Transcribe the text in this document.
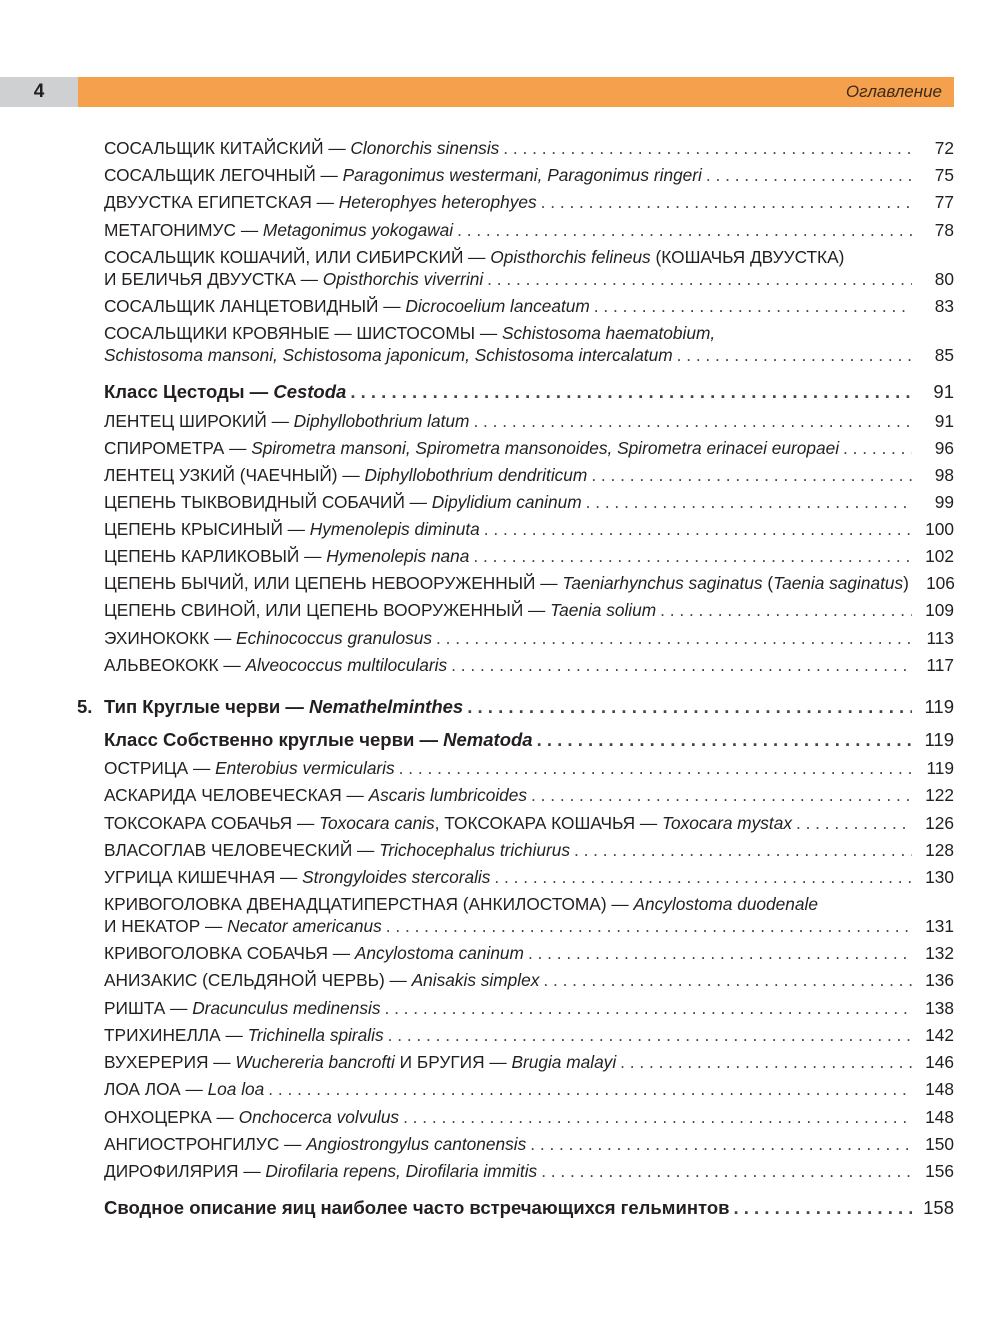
4	Оглавление
СОСАЛЬЩИК КИТАЙСКИЙ — Clonorchis sinensis . . .	72
СОСАЛЬЩИК ЛЕГОЧНЫЙ — Paragonimus westermani, Paragonimus ringeri . . .	75
ДВУУСТКА ЕГИПЕТСКАЯ — Heterophyes heterophyes . . .	77
МЕТАГОНИМУС — Metagonimus yokogawai . . .	78
СОСАЛЬЩИК КОШАЧИЙ, ИЛИ СИБИРСКИЙ — Opisthorchis felineus (КОШАЧЬЯ ДВУУСТКА)
И БЕЛИЧЬЯ ДВУУСТКА — Opisthorchis viverrini . . .	80
СОСАЛЬЩИК ЛАНЦЕТОВИДНЫЙ — Dicrocoelium lanceatum . . .	83
СОСАЛЬЩИКИ КРОВЯНЫЕ — ШИСТОСОМЫ — Schistosoma haematobium,
Schistosoma mansoni, Schistosoma japonicum, Schistosoma intercalatum . . .	85
Класс Цестоды — Cestoda . . .	91
ЛЕНТЕЦ ШИРОКИЙ — Diphyllobothrium latum . . .	91
СПИРОМЕТРА — Spirometra mansoni, Spirometra mansonoides, Spirometra erinacei europaei . . .	96
ЛЕНТЕЦ УЗКИЙ (ЧАЕЧНЫЙ) — Diphyllobothrium dendriticum . . .	98
ЦЕПЕНЬ ТЫКВОВИДНЫЙ СОБАЧИЙ — Dipylidium caninum . . .	99
ЦЕПЕНЬ КРЫСИНЫЙ — Hymenolepis diminuta . . .	100
ЦЕПЕНЬ КАРЛИКОВЫЙ — Hymenolepis nana . . .	102
ЦЕПЕНЬ БЫЧИЙ, ИЛИ ЦЕПЕНЬ НЕВООРУЖЕННЫЙ — Taeniarhynchus saginatus (Taenia saginatus) 106
ЦЕПЕНЬ СВИНОЙ, ИЛИ ЦЕПЕНЬ ВООРУЖЕННЫЙ — Taenia solium . . .	109
ЭХИНОКОКК — Echinococcus granulosus . . .	113
АЛЬВЕОКОКК — Alveococcus multilocularis . . .	117
5. Тип Круглые черви — Nemathelminthes . . .	119
Класс Собственно круглые черви — Nematoda . . .	119
ОСТРИЦА — Enterobius vermicularis . . .	119
АСКАРИДА ЧЕЛОВЕЧЕСКАЯ — Ascaris lumbricoides . . .	122
ТОКСОКАРА СОБАЧЬЯ — Toxocara canis, ТОКСОКАРА КОШАЧЬЯ — Toxocara mystax . . .	126
ВЛАСОГЛАВ ЧЕЛОВЕЧЕСКИЙ — Trichocephalus trichiurus . . .	128
УГРИЦА КИШЕЧНАЯ — Strongyloides stercoralis . . .	130
КРИВОГОЛОВКА ДВЕНАДЦАТИПЕРСТНАЯ (АНКИЛОСТОМА) — Ancylostoma duodenale
И НЕКАТОР — Necator americanus . . .	131
КРИВОГОЛОВКА СОБАЧЬЯ — Ancylostoma caninum . . .	132
АНИЗАКИС (СЕЛЬДЯНОЙ ЧЕРВЬ) — Anisakis simplex . . .	136
РИШТА — Dracunculus medinensis . . .	138
ТРИХИНЕЛЛА — Trichinella spiralis . . .	142
ВУХЕРЕРИЯ — Wuchereria bancrofti И БРУГИЯ — Brugia malayi . . .	146
ЛОА ЛОА — Loa loa . . .	148
ОНХОЦЕРКА — Onchocerca volvulus . . .	148
АНГИОСТРОНГИЛУС — Angiostrongylus cantonensis . . .	150
ДИРОФИЛЯРИЯ — Dirofilaria repens, Dirofilaria immitis . . .	156
Сводное описание яиц наиболее часто встречающихся гельминтов . . .	158
